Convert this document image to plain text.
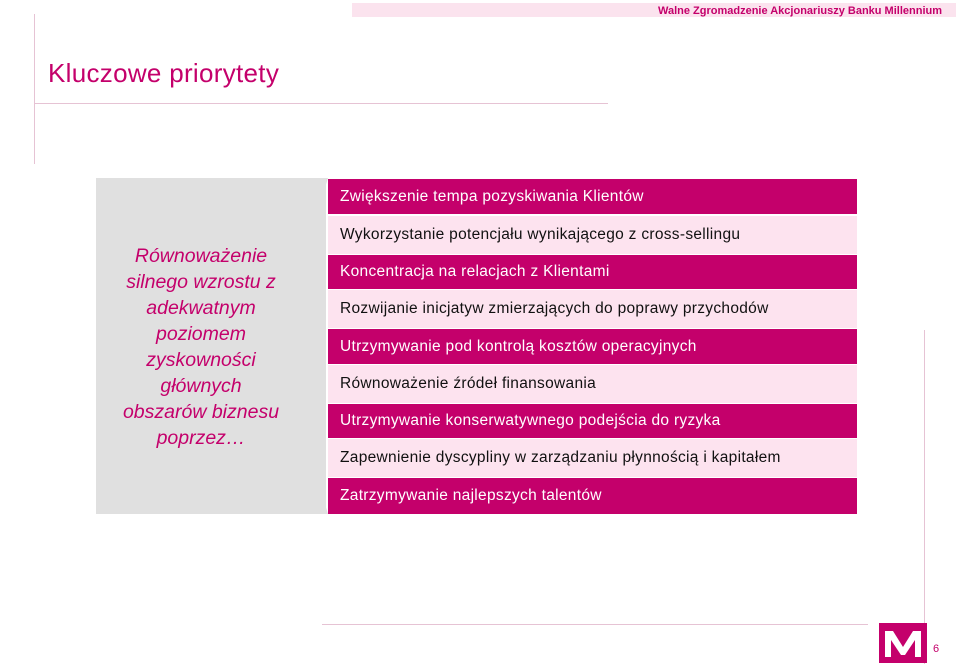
Walne Zgromadzenie Akcjonariuszy Banku Millennium
Kluczowe priorytety
Równoważenie
silnego wzrostu z
adekwatnym
poziomem
zyskowności
głównych
obszarów biznesu
poprzez…
Zwiększenie tempa pozyskiwania Klientów
Wykorzystanie potencjału wynikającego z cross-sellingu
Koncentracja na relacjach z Klientami
Rozwijanie inicjatyw zmierzających do poprawy przychodów
Utrzymywanie pod kontrolą kosztów operacyjnych
Równoważenie źródeł finansowania
Utrzymywanie konserwatywnego podejścia do ryzyka
Zapewnienie dyscypliny w zarządzaniu płynnością i kapitałem
Zatrzymywanie najlepszych talentów
6
